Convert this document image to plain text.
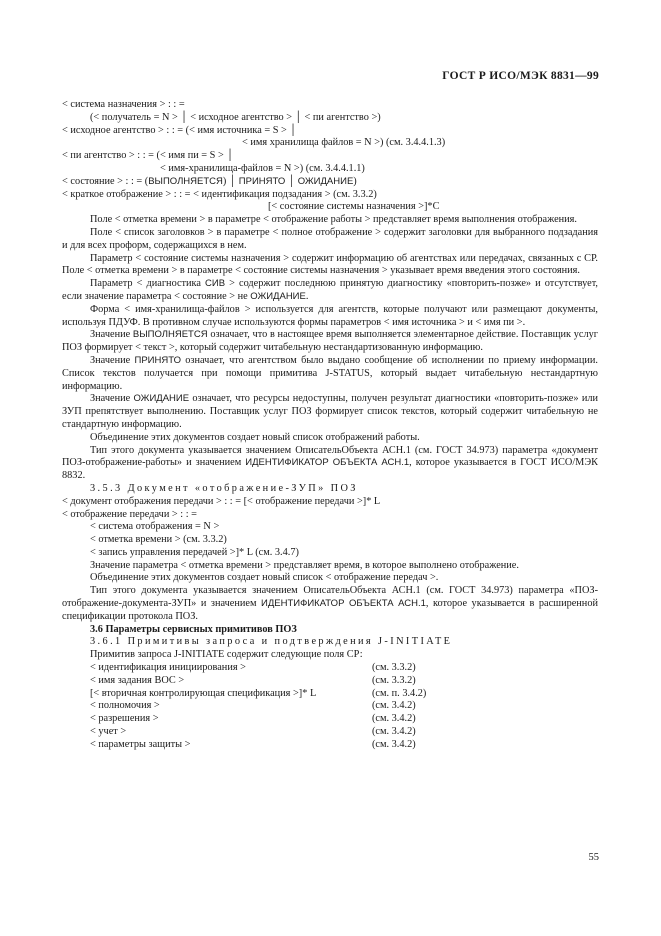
ГОСТ Р ИСО/МЭК 8831—99

< система назначения > : : =

(< получатель = N > │ < исходное агентство > │ < пи агентство >)

< исходное агентство > : : = (< имя источника = S > │

< имя хранилища файлов = N >) (см. 3.4.4.1.3)

< пи агентство > : : = (< имя пи = S > │

< имя-хранилища-файлов = N >) (см. 3.4.4.1.1)

< состояние > : : = (ВЫПОЛНЯЕТСЯ) │ ПРИНЯТО │ ОЖИДАНИЕ)

< краткое отображение > : : = < идентификация подзадания > (см. 3.3.2)

[< состояние системы назначения >]*C

Поле < отметка времени > в параметре < отображение работы > представляет время выполнения отображения.

Поле < список заголовков > в параметре < полное отображение > содержит заголовки для выбранного подзадания и для всех проформ, содержащихся в нем.

Параметр < состояние системы назначения > содержит информацию об агентствах или передачах, связанных с СР. Поле < отметка времени > в параметре < состояние системы назначения > указывает время введения этого состояния.

Параметр < диагностика СИВ > содержит последнюю принятую диагностику «повторить-позже» и отсутствует, если значение параметра < состояние > не ОЖИДАНИЕ.

Форма < имя-хранилища-файлов > используется для агентств, которые получают или размещают документы, используя ПДУФ. В противном случае используются формы параметров < имя источника > и < имя пи >.

Значение ВЫПОЛНЯЕТСЯ означает, что в настоящее время выполняется элементарное действие. Поставщик услуг ПОЗ формирует < текст >, который содержит читабельную нестандартизованную информацию.

Значение ПРИНЯТО означает, что агентством было выдано сообщение об исполнении по приему информации. Список текстов получается при помощи примитива J-STATUS, который выдает читабельную нестандартную информацию.

Значение ОЖИДАНИЕ означает, что ресурсы недоступны, получен результат диагностики «повторить-позже» или ЗУП препятствует выполнению. Поставщик услуг ПОЗ формирует список текстов, который содержит читабельную не стандартную информацию.

Объединение этих документов создает новый список отображений работы.

Тип этого документа указывается значением ОписательОбъекта АСН.1 (см. ГОСТ 34.973) параметра «документ ПОЗ-отображение-работы» и значением ИДЕНТИФИКАТОР ОБЪЕКТА АСН.1, которое указывается в ГОСТ ИСО/МЭК 8832.

3.5.3 Документ «отображение-ЗУП» ПОЗ

< документ отображения передачи > : : = [< отображение передачи >]* L

< отображение передачи > : : =

< система отображения = N >

< отметка времени > (см. 3.3.2)

< запись управления передачей >]* L (см. 3.4.7)

Значение параметра < отметка времени > представляет время, в которое выполнено отображение.

Объединение этих документов создает новый список < отображение передач >.

Тип этого документа указывается значением ОписательОбъекта АСН.1 (см. ГОСТ 34.973) параметра «ПОЗ-отображение-документа-ЗУП» и значением ИДЕНТИФИКАТОР ОБЪЕКТА АСН.1, которое указывается в расширенной спецификации протокола ПОЗ.

3.6 Параметры сервисных примитивов ПОЗ

3.6.1 Примитивы запроса и подтверждения J-INITIATE

Примитив запроса J-INITIATE содержит следующие поля СР:

< идентификация инициирования >	(см. 3.3.2)
< имя задания ВОС >	(см. 3.3.2)
[< вторичная контролирующая спецификация >]* L	(см. п. 3.4.2)
< полномочия >	(см. 3.4.2)
< разрешения >	(см. 3.4.2)
< учет >	(см. 3.4.2)
< параметры защиты >	(см. 3.4.2)
55
